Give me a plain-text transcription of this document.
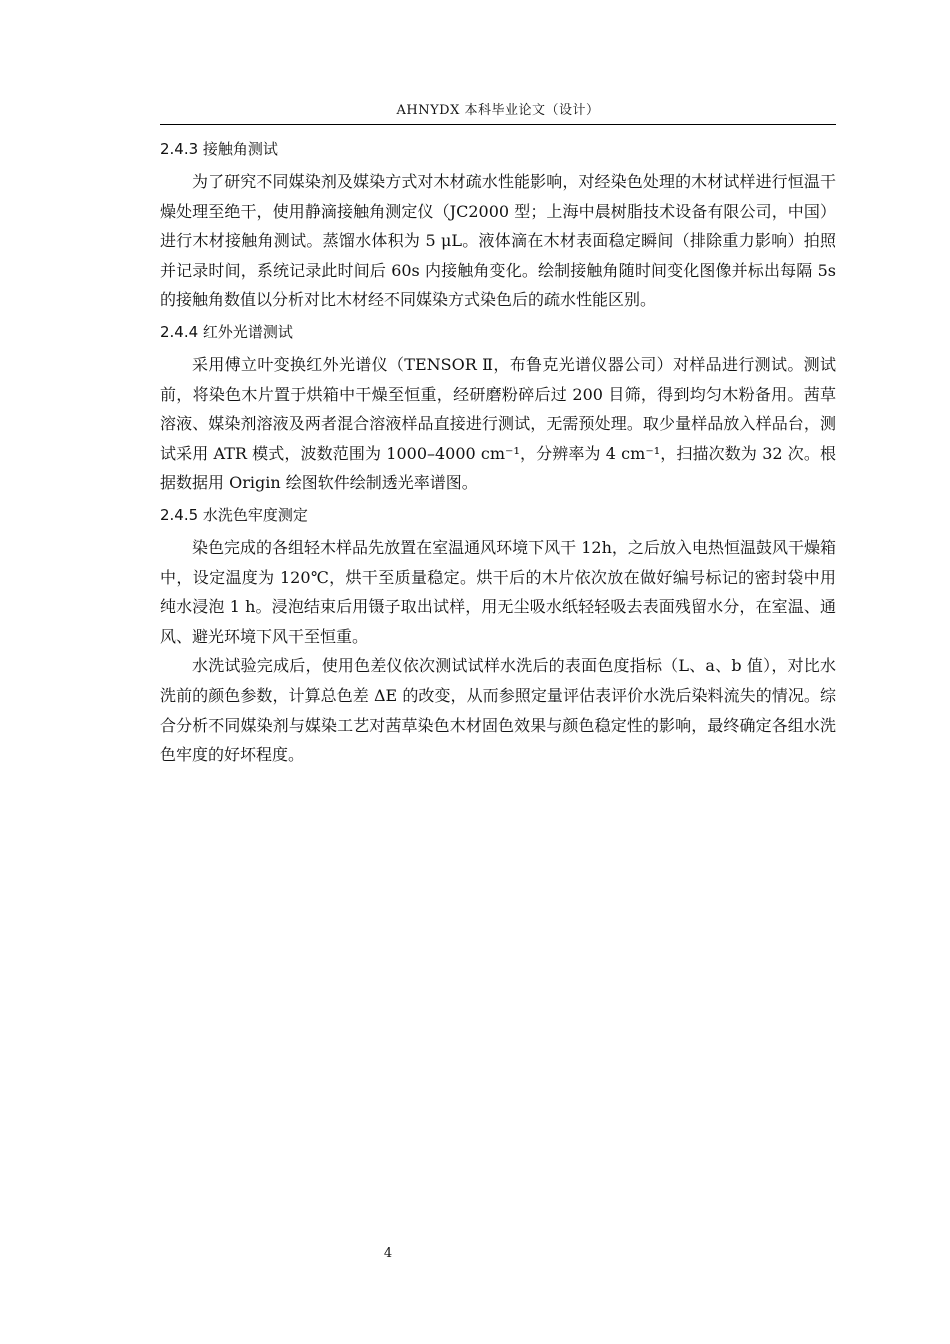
AHNYDX 本科毕业论文（设计）
2.4.3 接触角测试

为了研究不同媒染剂及媒染方式对木材疏水性能影响，对经染色处理的木材试样进行恒温干燥处理至绝干，使用静滴接触角测定仪（JC2000 型；上海中晨树脂技术设备有限公司，中国）进行木材接触角测试。蒸馏水体积为 5 μL。液体滴在木材表面稳定瞬间（排除重力影响）拍照并记录时间，系统记录此时间后 60s 内接触角变化。绘制接触角随时间变化图像并标出每隔 5s 的接触角数值以分析对比木材经不同媒染方式染色后的疏水性能区别。

2.4.4 红外光谱测试

采用傅立叶变换红外光谱仪（TENSOR Ⅱ，布鲁克光谱仪器公司）对样品进行测试。测试前，将染色木片置于烘箱中干燥至恒重，经研磨粉碎后过 200 目筛，得到均匀木粉备用。茜草溶液、媒染剂溶液及两者混合溶液样品直接进行测试，无需预处理。取少量样品放入样品台，测试采用 ATR 模式，波数范围为 1000–4000 cm⁻¹，分辨率为 4 cm⁻¹，扫描次数为 32 次。根据数据用 Origin 绘图软件绘制透光率谱图。

2.4.5 水洗色牢度测定

染色完成的各组轻木样品先放置在室温通风环境下风干 12h，之后放入电热恒温鼓风干燥箱中，设定温度为 120℃，烘干至质量稳定。烘干后的木片依次放在做好编号标记的密封袋中用纯水浸泡 1 h。浸泡结束后用镊子取出试样，用无尘吸水纸轻轻吸去表面残留水分，在室温、通风、避光环境下风干至恒重。

水洗试验完成后，使用色差仪依次测试试样水洗后的表面色度指标（L、a、b 值），对比水洗前的颜色参数，计算总色差 ΔE 的改变，从而参照定量评估表评价水洗后染料流失的情况。综合分析不同媒染剂与媒染工艺对茜草染色木材固色效果与颜色稳定性的影响，最终确定各组水洗色牢度的好坏程度。

4
